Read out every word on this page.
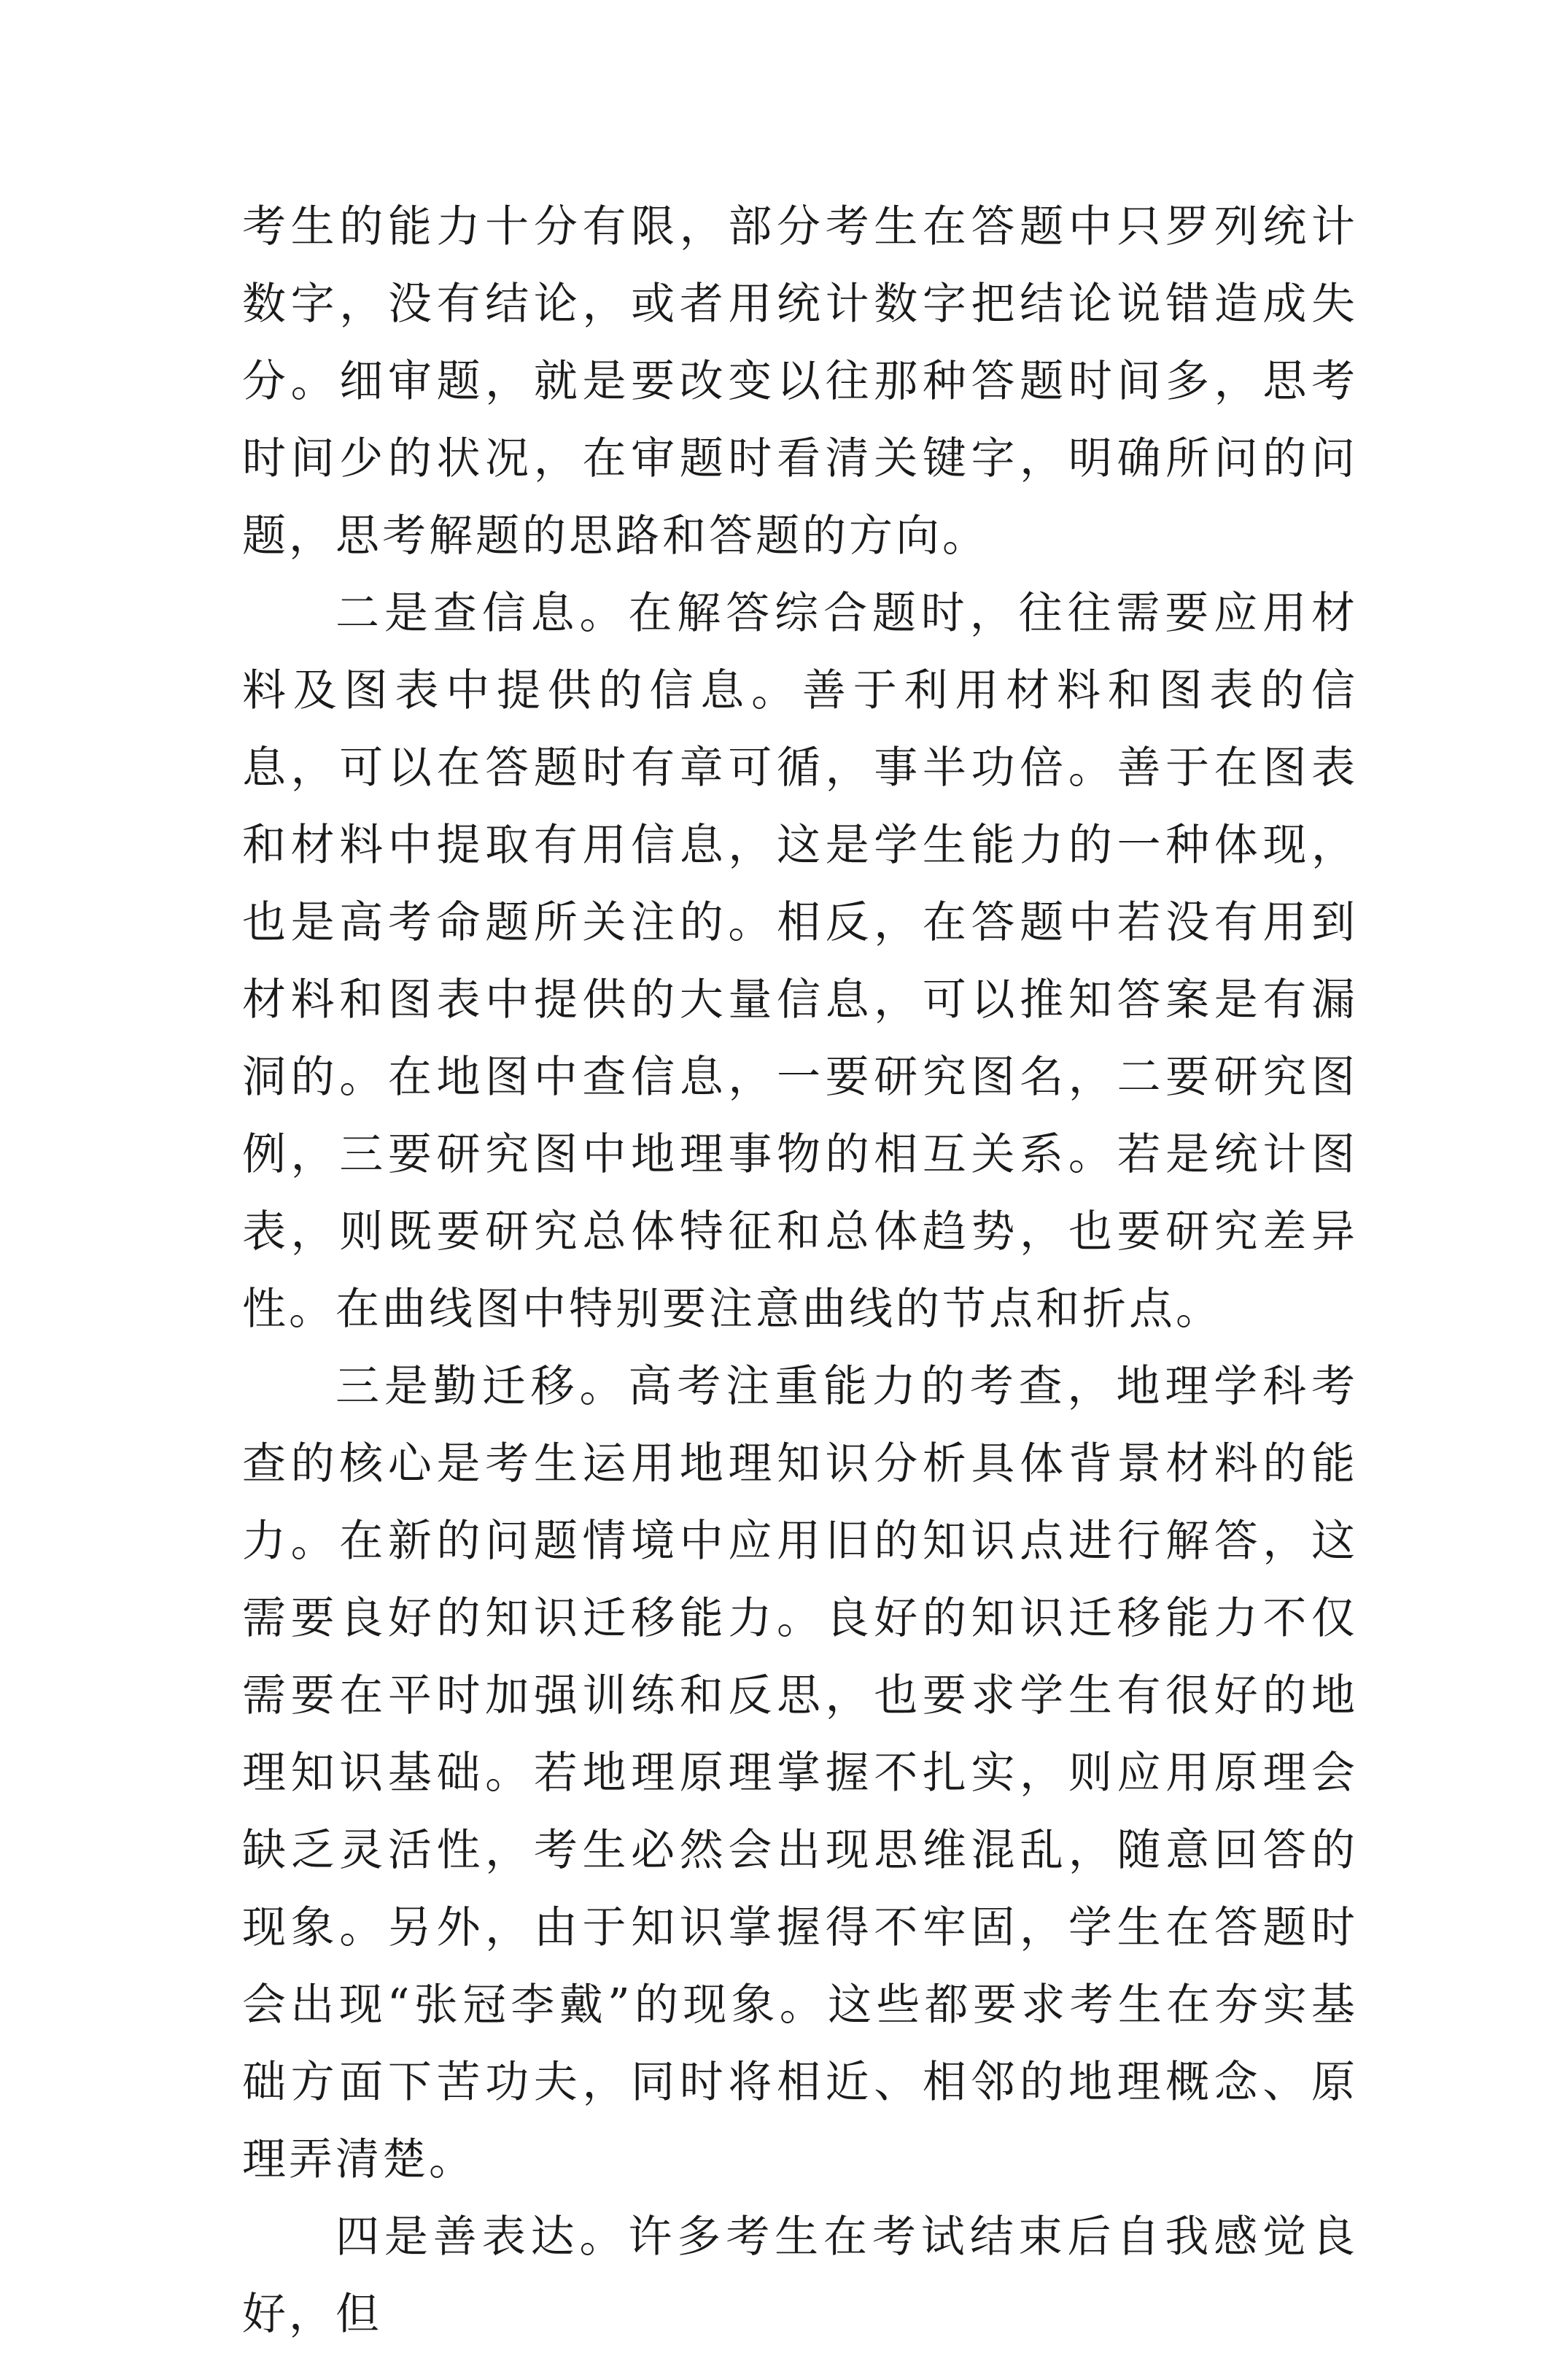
考生的能力十分有限，部分考生在答题中只罗列统计数字，没有结论，或者用统计数字把结论说错造成失分。细审题，就是要改变以往那种答题时间多，思考时间少的状况，在审题时看清关键字，明确所问的问题，思考解题的思路和答题的方向。

二是查信息。在解答综合题时，往往需要应用材料及图表中提供的信息。善于利用材料和图表的信息，可以在答题时有章可循，事半功倍。善于在图表和材料中提取有用信息，这是学生能力的一种体现，也是高考命题所关注的。相反，在答题中若没有用到材料和图表中提供的大量信息，可以推知答案是有漏洞的。在地图中查信息，一要研究图名，二要研究图例，三要研究图中地理事物的相互关系。若是统计图表，则既要研究总体特征和总体趋势，也要研究差异性。在曲线图中特别要注意曲线的节点和折点。

三是勤迁移。高考注重能力的考查，地理学科考查的核心是考生运用地理知识分析具体背景材料的能力。在新的问题情境中应用旧的知识点进行解答，这需要良好的知识迁移能力。良好的知识迁移能力不仅需要在平时加强训练和反思，也要求学生有很好的地理知识基础。若地理原理掌握不扎实，则应用原理会缺乏灵活性，考生必然会出现思维混乱，随意回答的现象。另外，由于知识掌握得不牢固，学生在答题时会出现“张冠李戴”的现象。这些都要求考生在夯实基础方面下苦功夫，同时将相近、相邻的地理概念、原理弄清楚。

四是善表达。许多考生在考试结束后自我感觉良好，但
